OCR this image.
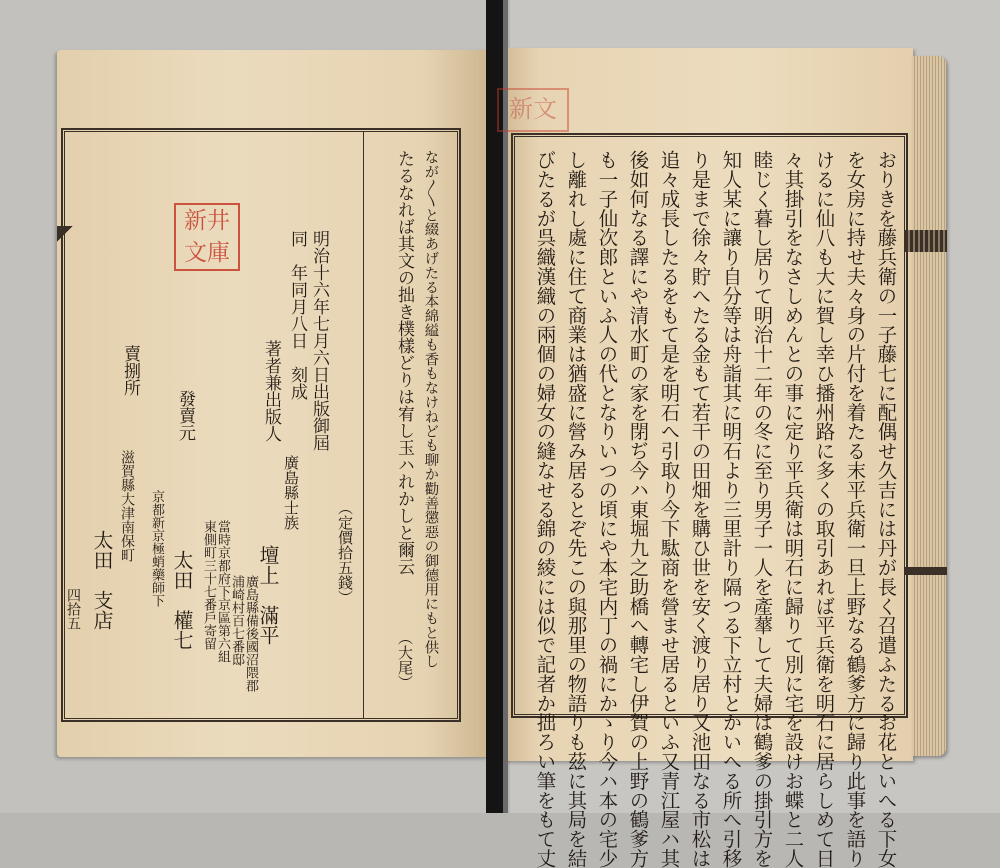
おりきを藤兵衛の一子藤七に配偶せ久吉には丹が長く召遣ふたるお花といへる下女
を女房に持せ夫々身の片付を着たる末平兵衛一旦上野なる鶴爹方に歸り此事を語り
けるに仙八も大に賀し幸ひ播州路に多くの取引あれば平兵衛を明石に居らしめて日
々其掛引をなさしめんとの事に定り平兵衛は明石に歸りて別に宅を設けお蝶と二人
睦じく暮し居りて明治十二年の冬に至り男子一人を產蕐して夫婦は鶴爹の掛引方を
知人某に讓り自分等は舟詣其に明石より三里計り隔つる下立村とかいへる所へ引移
り是まで徐々貯へたる金もて若干の田畑を購ひ世を安く渡り居り又池田なる市松は
追々成長したるをもて是を明石へ引取り今下駄商を營ませ居るといふ又青江屋ハ其
後如何なる譯にや清水町の家を閉ぢ今ハ東堀九之助橋へ轉宅し伊賀の上野の鶴爹方
も一子仙次郎といふ人の代となりいつの頃にや本宅内丁の禍にかゝり今ハ本の宅少
し離れし處に住て商業は猶盛に營み居るとぞ先この與那里の物語りも茲に其局を結
びたるが呉織漢織の兩個の婦女の縫なせる錦の綾には似で記者か拙ろい筆をもて丈
なが〳〵と綴あげたる本綿縊も香もなけねども聊か勸善懲惡の御德用にもと供し
たるなれば其文の拙き樸樣どりは宥し玉ハれかしと爾云
（大尾）
（定價拾五錢）
明治十六年七月六日出版御屆
同　年同月八日　刻成
著者兼出版人
廣島縣士族
壇上　滿平
廣島縣備後國沼隈郡
浦崎村百七番邸
當時京都府下京區第六組
東側町三十七番戶寄留
發賣元
太田　權七
京都新京極蛸藥師下
賣捌所
太田　支店
滋賀縣大津南保町
四拾五
新 井
文 庫
新 文
